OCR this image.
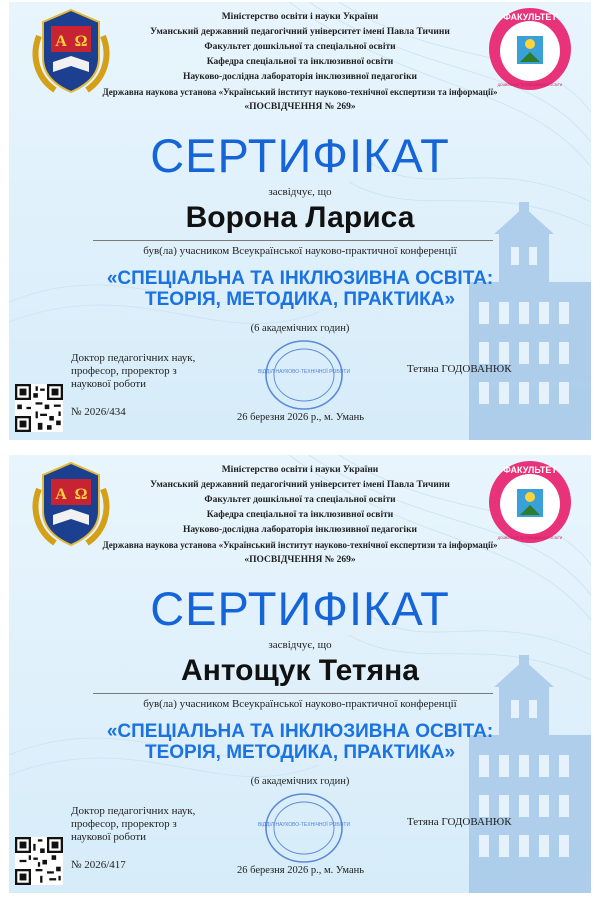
А Ω
ФАКУЛЬТЕТ
ДОШКІЛЬНОЇ ТА СПЕЦІАЛЬНОЇ ОСВІТИ
Міністерство освіти і науки України
Уманський державний педагогічний університет імені Павла Тичини
Факультет дошкільної та спеціальної освіти
Кафедра спеціальної та інклюзивної освіти
Науково-дослідна лабораторія інклюзивної педагогіки
Державна наукова установа «Український інститут науково-технічної експертизи та інформації»
«ПОСВІДЧЕННЯ № 269»
СЕРТИФІКАТ
засвідчує, що
Ворона Лариса
був(ла) учасником Всеукраїнської науково-практичної конференції
«СПЕЦІАЛЬНА ТА ІНКЛЮЗИВНА ОСВІТА:
ТЕОРІЯ, МЕТОДИКА, ПРАКТИКА»
(6 академічних годин)
Доктор педагогічних наук,
професор, проректор з
наукової роботи
ВІДДІЛ НАУКОВО-ТЕХНІЧНОЇ РОБОТИ	Тетяна ГОДОВАНЮК
№ 2026/434	26 березня 2026 р., м. Умань
А Ω
ФАКУЛЬТЕТ
ДОШКІЛЬНОЇ ТА СПЕЦІАЛЬНОЇ ОСВІТИ
Міністерство освіти і науки України
Уманський державний педагогічний університет імені Павла Тичини
Факультет дошкільної та спеціальної освіти
Кафедра спеціальної та інклюзивної освіти
Науково-дослідна лабораторія інклюзивної педагогіки
Державна наукова установа «Український інститут науково-технічної експертизи та інформації»
«ПОСВІДЧЕННЯ № 269»
СЕРТИФІКАТ
засвідчує, що
Антощук Тетяна
був(ла) учасником Всеукраїнської науково-практичної конференції
«СПЕЦІАЛЬНА ТА ІНКЛЮЗИВНА ОСВІТА:
ТЕОРІЯ, МЕТОДИКА, ПРАКТИКА»
(6 академічних годин)
Доктор педагогічних наук,
професор, проректор з
наукової роботи
ВІДДІЛ НАУКОВО-ТЕХНІЧНОЇ РОБОТИ	Тетяна ГОДОВАНЮК
№ 2026/417	26 березня 2026 р., м. Умань
